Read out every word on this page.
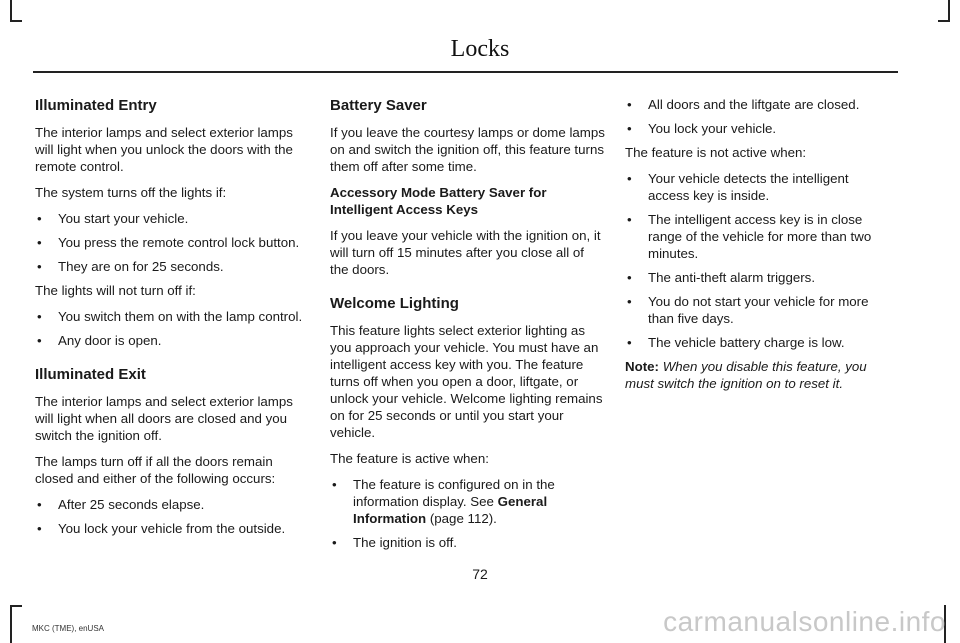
Locks
Illuminated Entry

The interior lamps and select exterior lamps will light when you unlock the doors with the remote control.

The system turns off the lights if:

• You start your vehicle.
• You press the remote control lock button.
• They are on for 25 seconds.

The lights will not turn off if:

• You switch them on with the lamp control.
• Any door is open.
Illuminated Exit

The interior lamps and select exterior lamps will light when all doors are closed and you switch the ignition off.

The lamps turn off if all the doors remain closed and either of the following occurs:

• After 25 seconds elapse.
• You lock your vehicle from the outside.
Battery Saver

If you leave the courtesy lamps or dome lamps on and switch the ignition off, this feature turns them off after some time.

Accessory Mode Battery Saver for Intelligent Access Keys

If you leave your vehicle with the ignition on, it will turn off 15 minutes after you close all of the doors.

Welcome Lighting

This feature lights select exterior lighting as you approach your vehicle. You must have an intelligent access key with you. The feature turns off when you open a door, liftgate, or unlock your vehicle. Welcome lighting remains on for 25 seconds or until you start your vehicle.

The feature is active when:

• The feature is configured on in the information display. See General Information (page 112).
• The ignition is off.
• All doors and the liftgate are closed.
• You lock your vehicle.

The feature is not active when:

• Your vehicle detects the intelligent access key is inside.
• The intelligent access key is in close range of the vehicle for more than two minutes.
• The anti-theft alarm triggers.
• You do not start your vehicle for more than five days.
• The vehicle battery charge is low.

Note: When you disable this feature, you must switch the ignition on to reset it.

72
MKC (TME), enUSA	carmanualsonline.info
